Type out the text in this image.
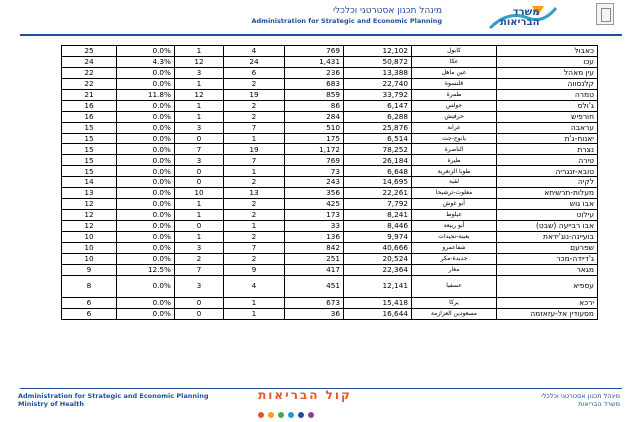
מינהל תכנון אסטרטגי וכלכלי
Administration for Strategic and Economic Planning
משרד
הבריאות
25	0.0%	1	4	769	12,102	كابول	כאבול
24	4.3%	12	24	1,431	50,872	عكا	עכו
22	0.0%	3	6	236	13,388	عين ماهل	עין מאהל
22	0.0%	1	2	683	22,740	قلنسوة	קלנסווה
21	11.8%	12	19	859	33,792	طمرة	טמרה
16	0.0%	1	2	86	6,147	جولس	ג'ולס
16	0.0%	1	2	284	6,288	حرفيش	חורפיש
15	0.0%	3	7	510	25,876	عرابة	עראבה
15	0.0%	0	1	175	6,514	يانوح-جت	יאנוח-ג'ת
15	0.0%	7	19	1,172	78,252	الناصرة	נצרת
15	0.0%	3	7	769	26,184	طيرة	טירה
15	0.0%	0	1	73	6,648	طوبا الزنغرية	טובא-זנגריה
14	0.0%	0	2	243	14,695	لقية	לקיה
13	0.0%	10	13	356	22,261	معلوت-ترشيحا	מעלות-תרשיחא
12	0.0%	1	2	425	7,792	أبو غوش	אבו גוש
12	0.0%	1	2	173	8,241	عيلوط	עילוט
12	0.0%	0	1	33	8,446	أبو ربيعة	אבו רבייעה (שבט)
10	0.0%	1	2	136	9,974	بعينة-نجيدات	בועיינה-נוג'ידאת
10	0.0%	3	7	842	40,666	شفاعمرو	שפרעם
10	0.0%	2	2	251	20,524	جديدة-مكر	ג'דיידה-מכר
9	12.5%	7	9	417	22,364	مغار	מגאר
8	0.0%	3	4	451	12,141	عسفيا	עספיא
6	0.0%	0	1	673	15,418	يركا	ירכא
6	0.0%	0	1	36	16,644	مسعودين العزازمة	מסעודין אל-עזאזמה
Administration for Strategic and Economic Planning
Ministry of Health
קול הבריאות	מינהל תכנון אסטרטגי וכלכלי
משרד הבריאות
